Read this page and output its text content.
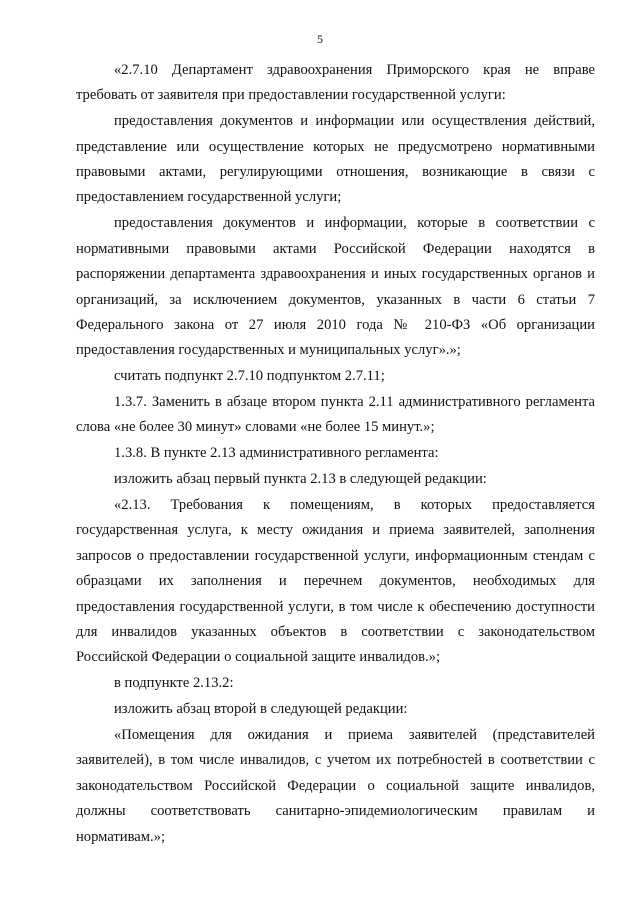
5

«2.7.10 Департамент здравоохранения Приморского края не вправе требовать от заявителя при предоставлении государственной услуги:

предоставления документов и информации или осуществления действий, представление или осуществление которых не предусмотрено нормативными правовыми актами, регулирующими отношения, возникающие в связи с предоставлением государственной услуги;

предоставления документов и информации, которые в соответствии с нормативными правовыми актами Российской Федерации находятся в распоряжении департамента здравоохранения и иных государственных органов и организаций, за исключением документов, указанных в части 6 статьи 7 Федерального закона от 27 июля 2010 года № 210-ФЗ «Об организации предоставления государственных и муниципальных услуг».»;

считать подпункт 2.7.10 подпунктом 2.7.11;

1.3.7. Заменить в абзаце втором пункта 2.11 административного регламента слова «не более 30 минут» словами «не более 15 минут.»;

1.3.8. В пункте 2.13 административного регламента:

изложить абзац первый пункта 2.13 в следующей редакции:

«2.13. Требования к помещениям, в которых предоставляется государственная услуга, к месту ожидания и приема заявителей, заполнения запросов о предоставлении государственной услуги, информационным стендам с образцами их заполнения и перечнем документов, необходимых для предоставления государственной услуги, в том числе к обеспечению доступности для инвалидов указанных объектов в соответствии с законодательством Российской Федерации о социальной защите инвалидов.»;

в подпункте 2.13.2:

изложить абзац второй в следующей редакции:

«Помещения для ожидания и приема заявителей (представителей заявителей), в том числе инвалидов, с учетом их потребностей в соответствии с законодательством Российской Федерации о социальной защите инвалидов, должны соответствовать санитарно-эпидемиологическим правилам и нормативам.»;
